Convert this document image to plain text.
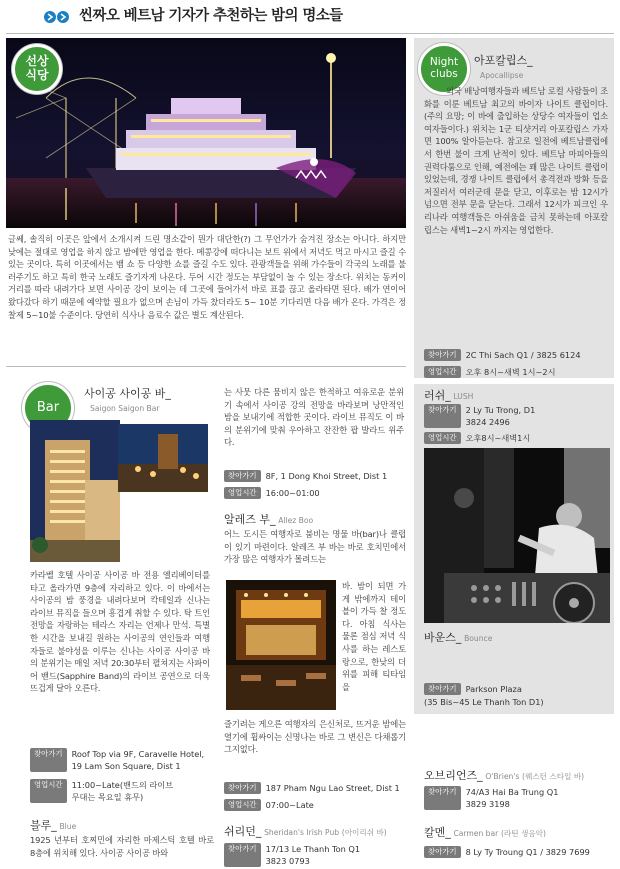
씬짜오 베트남 기자가 추천하는 밤의 명소들
선상
식당
글쎄, 솔직히 이곳은 앞에서 소개시켜 드린 명소같이 뭔가 대단한(?) 그 무언가가 숨겨진 장소는 아니다. 하지만 낮에는 절대로 영업을 하지 않고 밤에만 영업을 한다. 메콩강에 떠다니는 보트 위에서 저녁도 먹고 마시고 즐길 수 있는 곳이다. 특히 이곳에서는 뱀 쇼 등 다양한 쇼를 즐길 수도 있다. 관광객들을 위해 가수들이 각국의 노래를 불러주기도 하고 특히 한국 노래도 즐기자게 나온다. 두어 시간 정도는 부담없이 놀 수 있는 장소다. 위치는 동커이 거리를 따라 내려가다 보면 사이공 강이 보이는 데 그곳에 들어가서 바로 표를 끊고 올라타면 된다. 배가 연이어 왔다갔다 하기 때문에 예약할 필요가 없으며 손님이 가득 찼더라도 5~ 10분 기다리면 다음 배가 온다. 가격은 정찰제 5~10불 수준이다. 당연히 식사나 음료수 값은 별도 계산된다.
Night
clubs
아포칼립스_
Apocallipse
외국 배낭여행자들과 베트남 로컬 사람들이 조화를 이룬 베트남 최고의 바이자 나이트 클럽이다.(주의 요망; 이 바에 출입하는 상당수 여자들이 업소 여자들이다.) 위치는 1군 티샷거리 아포칼립스 가자면 100% 알아듣는다. 참고로 일전에 베트남클럽에서 한번 불이 크게 난적이 있다. 베트남 마피아들의 권력다툼으로 인해, 예전에는 꽤 많은 나이트 클럽이 있었는데, 경쟁 나이트 클럽에서 총격전과 방화 등을 저질러서 여러군데 문을 닫고, 이후로는 밤 12시가 넘으면 전부 문을 닫는다. 그래서 12시가 피크인 우리나라 여행객들은 아쉬움을 금치 못하는데 아포칼립스는 새벽1~2시 까지는 영업한다.
찾아가기	2C Thi Sach Q1 / 3825 6124
영업시간	오후 8시~새벽 1시~2시
러쉬_ LUSH
찾아가기	2 Ly Tu Trong, D1
3824 2496
영업시간	오후8시~새벽1시
바운스_ Bounce
찾아가기	Parkson Plaza
(35 Bis~45 Le Thanh Ton D1)
Bar
사이공 사이공 바_
Saigon Saigon Bar
카라벨 호텔 사이공 사이공 바 전용 엘리베이터를 타고 올라가면 9층에 자리하고 있다. 이 바에서는 사이공의 밤 풍경을 내려다보며 칵테일과 신나는 라이브 뮤직을 들으며 흥겹게 취할 수 있다. 탁 트인 전망을 자랑하는 테라스 자리는 언제나 만석. 특별한 시간을 보내길 원하는 사이공의 연인들과 여행자들로 불야성을 이루는 신나는 사이공 사이공 바의 분위기는 매일 저녁 20:30부터 펼쳐지는 사파이어 밴드(Sapphire Band)의 라이브 공연으로 더욱 뜨겁게 달아 오른다.
찾아가기	Roof Top via 9F, Caravelle Hotel,
19 Lam Son Square, Dist 1
영업시간	11:00~Late(밴드의 라이브
무대는 목요일 휴무)
블루_ Blue
1925 년부터 호찌민에 자리한 마제스틱 호텔 바로 8층에 위치해 있다. 사이공 사이공 바와
는 사뭇 다른 뭄비지 않은 한적하고 여유로운 분위기 속에서 사이공 강의 전망을 바라보며 낭만적인 밤을 보내기에 적합한 곳이다. 라이브 뮤직도 이 바의 분위기에 맞춰 우아하고 잔잔한 팝 발라드 위주다.
찾아가기	8F, 1 Dong Khoi Street, Dist 1
영업시간	16:00~01:00
알레즈 부_ Allez Boo
어느 도시든 여행자로 붐비는 명물 바(bar)나 클럽이 있기 마련이다. 알레즈 부 바는 바로 호치민에서 가장 많은 여행자가 몰려드는
바. 밤이 되면 가게 밖에까지 테이블이 가득 찰 정도다. 아침 식사는 물론 점심 저녁 식사를 하는 레스토랑으로, 한낮의 더위를 피해 티타임을
즐기려는 게으른 여행자의 은신처로, 뜨거운 밤에는 열기에 휩싸이는 신명나는 바로 그 변신은 다채롭기 그지없다.
찾아가기	187 Pham Ngu Lao Street, Dist 1
영업시간	07:00~Late
쉬리던_ Sheridan's Irish Pub (아이리쉬 바)
찾아가기	17/13 Le Thanh Ton Q1
3823 0793
오브리언즈_ O'Brien's (웨스턴 스타일 바)
찾아가기	74/A3 Hai Ba Trung Q1
3829 3198
칼멘_ Carmen bar (라틴 생음악)
찾아가기	8 Ly Ty Troung Q1 / 3829 7699
